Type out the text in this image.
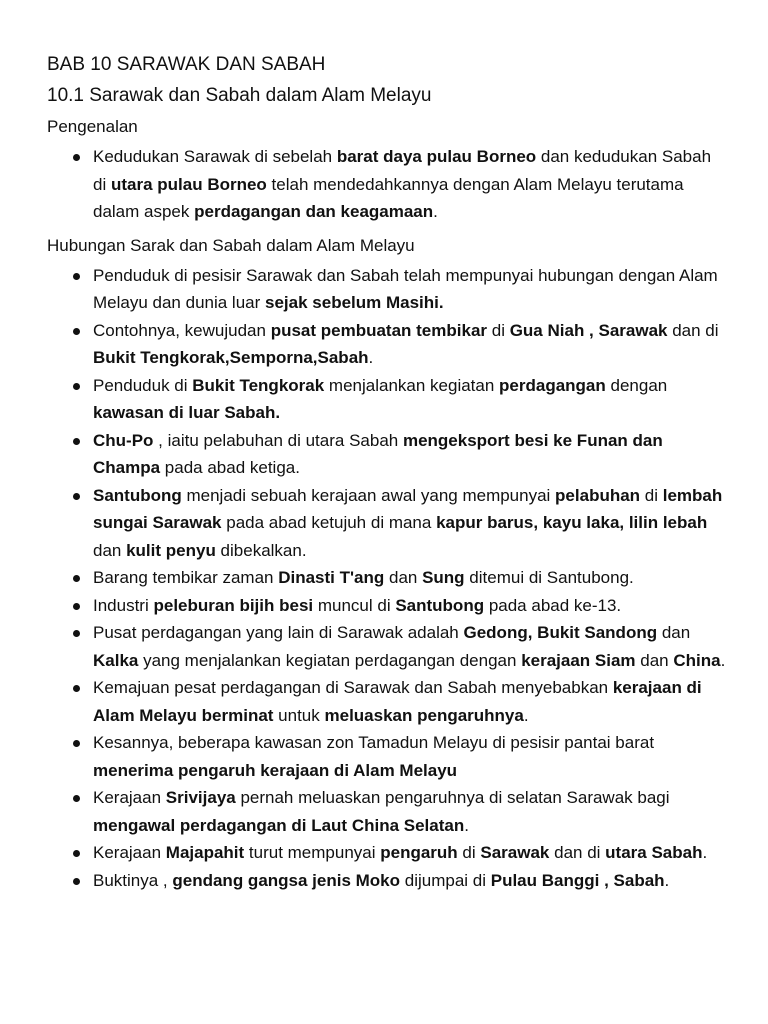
BAB 10 SARAWAK DAN SABAH
10.1 Sarawak dan Sabah dalam Alam Melayu
Pengenalan
Kedudukan Sarawak di sebelah barat daya pulau Borneo dan kedudukan Sabah di utara pulau Borneo telah mendedahkannya dengan Alam Melayu terutama dalam aspek perdagangan dan keagamaan.
Hubungan Sarak dan Sabah dalam Alam Melayu
Penduduk di pesisir Sarawak dan Sabah telah mempunyai hubungan dengan Alam Melayu dan dunia luar sejak sebelum Masihi.
Contohnya, kewujudan pusat pembuatan tembikar di Gua Niah , Sarawak dan di Bukit Tengkorak,Semporna,Sabah.
Penduduk di Bukit Tengkorak menjalankan kegiatan perdagangan dengan kawasan di luar Sabah.
Chu-Po , iaitu pelabuhan di utara Sabah mengeksport besi ke Funan dan Champa pada abad ketiga.
Santubong menjadi sebuah kerajaan awal yang mempunyai pelabuhan di lembah sungai Sarawak pada abad ketujuh di mana kapur barus, kayu laka, lilin lebah dan kulit penyu dibekalkan.
Barang tembikar zaman Dinasti T'ang dan Sung ditemui di Santubong.
Industri peleburan bijih besi muncul di Santubong pada abad ke-13.
Pusat perdagangan yang lain di Sarawak adalah Gedong, Bukit Sandong dan Kalka yang menjalankan kegiatan perdagangan dengan kerajaan Siam dan China.
Kemajuan pesat perdagangan di Sarawak dan Sabah menyebabkan kerajaan di Alam Melayu berminat untuk meluaskan pengaruhnya.
Kesannya, beberapa kawasan zon Tamadun Melayu di pesisir pantai barat menerima pengaruh kerajaan di Alam Melayu
Kerajaan Srivijaya pernah meluaskan pengaruhnya di selatan Sarawak bagi mengawal perdagangan di Laut China Selatan.
Kerajaan Majapahit turut mempunyai pengaruh di Sarawak dan di utara Sabah.
Buktinya , gendang gangsa jenis Moko dijumpai di Pulau Banggi , Sabah.
